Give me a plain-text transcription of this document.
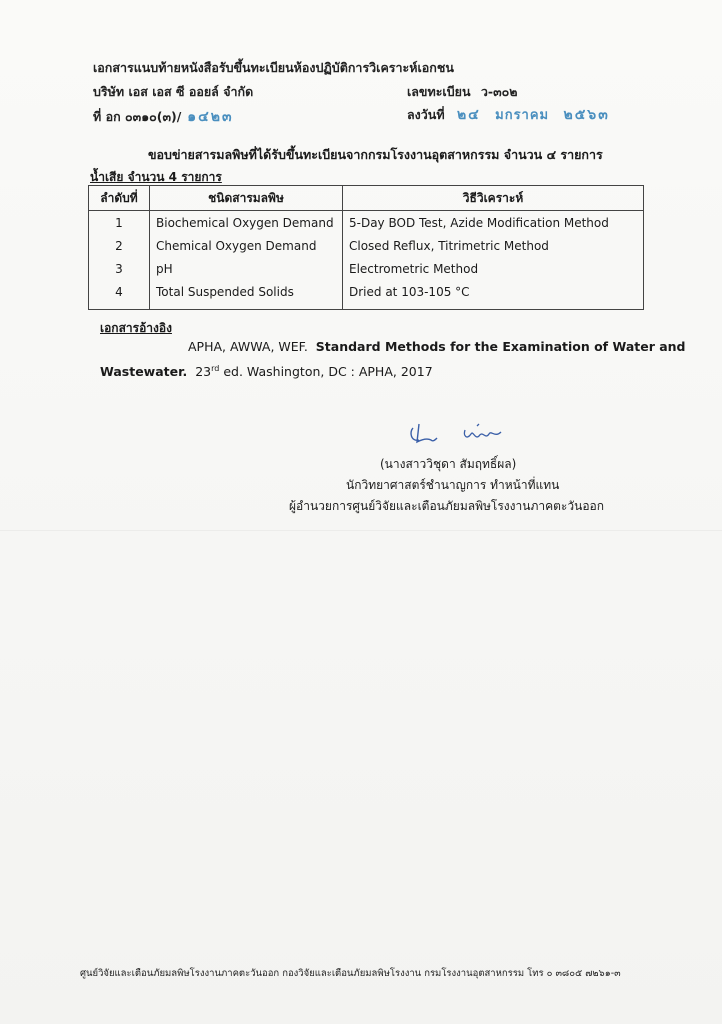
เอกสารแนบท้ายหนังสือรับขึ้นทะเบียนห้องปฏิบัติการวิเคราะห์เอกชน
บริษัท เอส เอส ซี ออยล์ จำกัด	เลขทะเบียน ว-๓๐๒
ที่ อก ๐๓๑๐(๓)/ ๑๔๒๓	ลงวันที่ ๒๔ มกราคม ๒๕๖๓
ขอบข่ายสารมลพิษที่ได้รับขึ้นทะเบียนจากกรมโรงงานอุตสาหกรรม จำนวน ๔ รายการ
น้ำเสีย จำนวน 4 รายการ
ลำดับที่	ชนิดสารมลพิษ	วิธีวิเคราะห์
1	Biochemical Oxygen Demand	5-Day BOD Test, Azide Modification Method
2	Chemical Oxygen Demand	Closed Reflux, Titrimetric Method
3	pH	Electrometric Method
4	Total Suspended Solids	Dried at 103-105 °C
เอกสารอ้างอิง
APHA, AWWA, WEF. Standard Methods for the Examination of Water and
Wastewater. 23rd ed. Washington, DC : APHA, 2017
(นางสาววิชุดา สัมฤทธิ์ผล)
นักวิทยาศาสตร์ชำนาญการ ทำหน้าที่แทน
ผู้อำนวยการศูนย์วิจัยและเตือนภัยมลพิษโรงงานภาคตะวันออก
ศูนย์วิจัยและเตือนภัยมลพิษโรงงานภาคตะวันออก กองวิจัยและเตือนภัยมลพิษโรงงาน กรมโรงงานอุตสาหกรรม โทร ๐ ๓๘๐๕ ๗๒๖๑-๓
